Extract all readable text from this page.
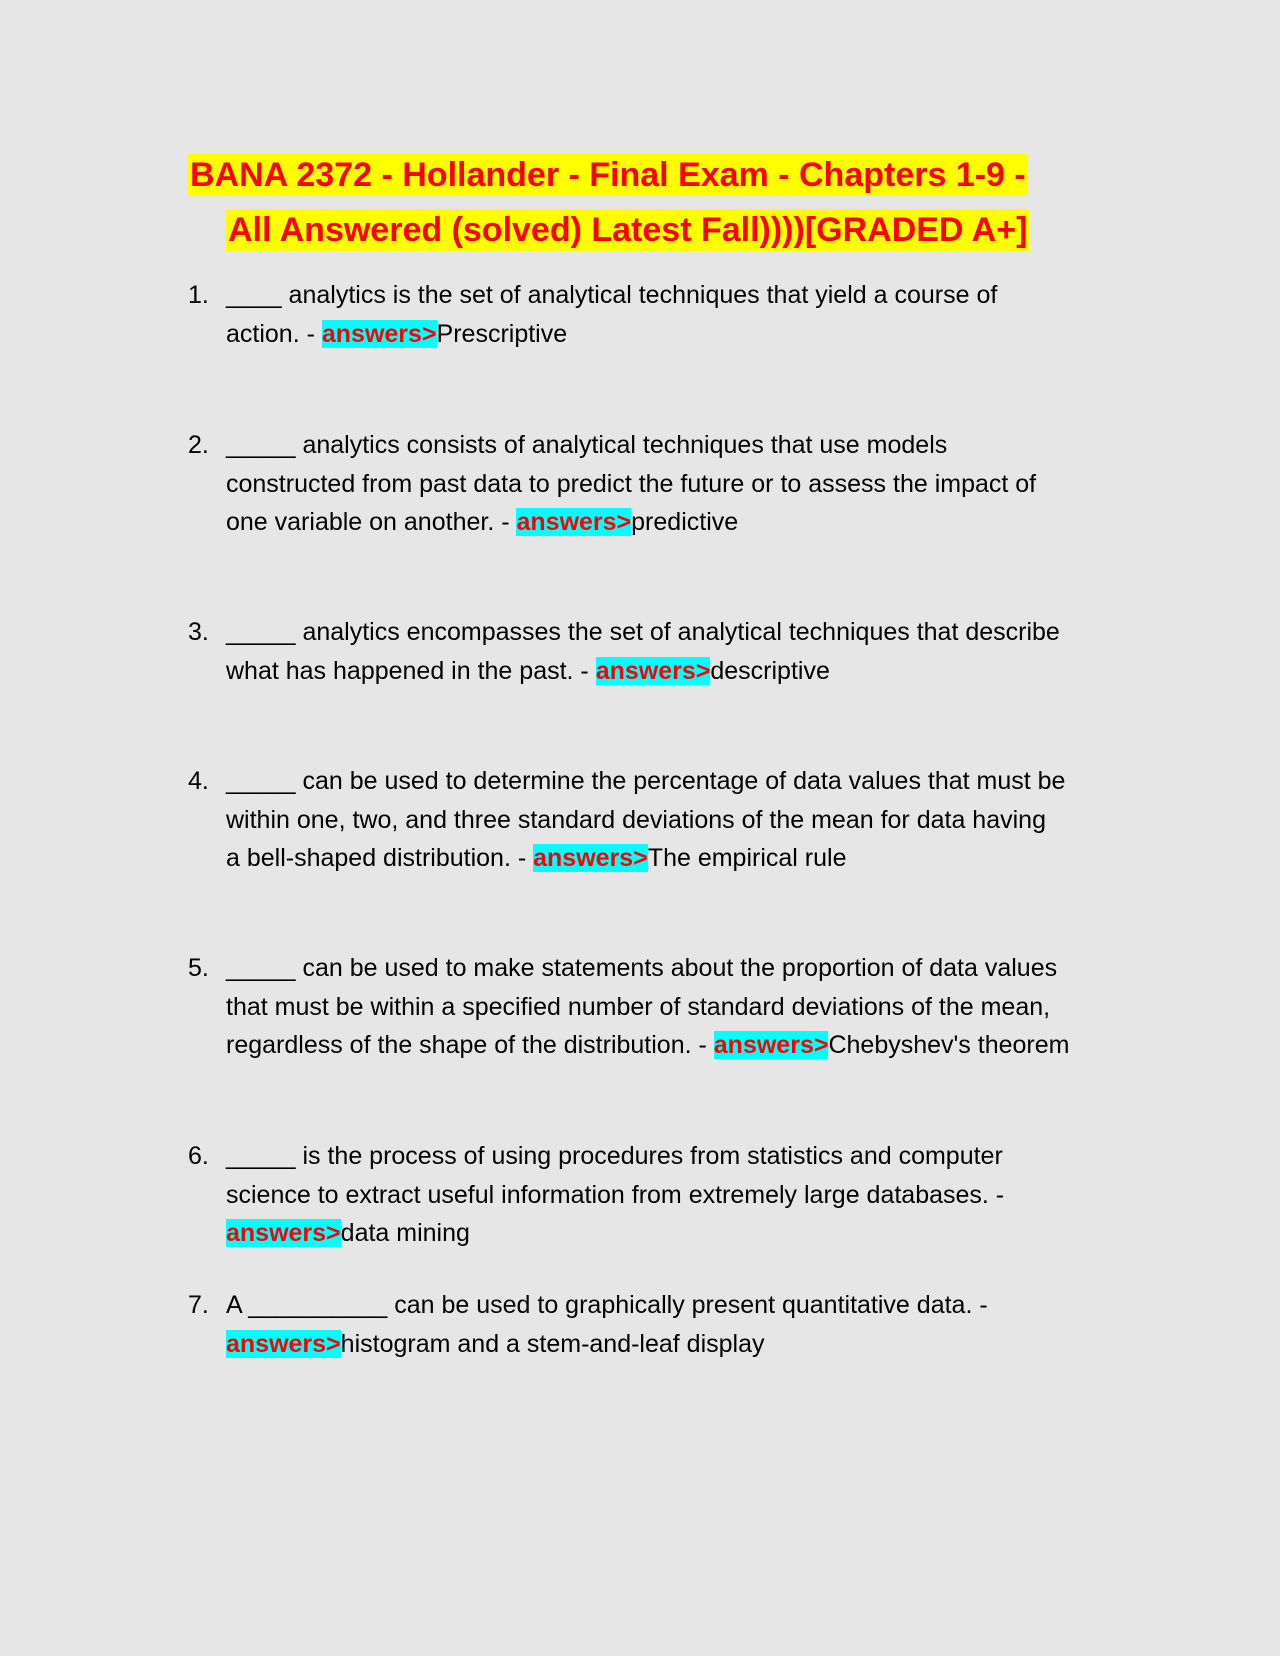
BANA 2372 - Hollander - Final Exam - Chapters 1-9 -
All Answered (solved) Latest Fall))))[GRADED A+]
1. ____ analytics is the set of analytical techniques that yield a course of
action. - answers>Prescriptive
2. _____ analytics consists of analytical techniques that use models
constructed from past data to predict the future or to assess the impact of
one variable on another. - answers>predictive
3. _____ analytics encompasses the set of analytical techniques that describe
what has happened in the past. - answers>descriptive
4. _____ can be used to determine the percentage of data values that must be
within one, two, and three standard deviations of the mean for data having
a bell-shaped distribution. - answers>The empirical rule
5. _____ can be used to make statements about the proportion of data values
that must be within a specified number of standard deviations of the mean,
regardless of the shape of the distribution. - answers>Chebyshev's theorem
6. _____ is the process of using procedures from statistics and computer
science to extract useful information from extremely large databases. -
answers>data mining
7. A __________ can be used to graphically present quantitative data. -
answers>histogram and a stem-and-leaf display
